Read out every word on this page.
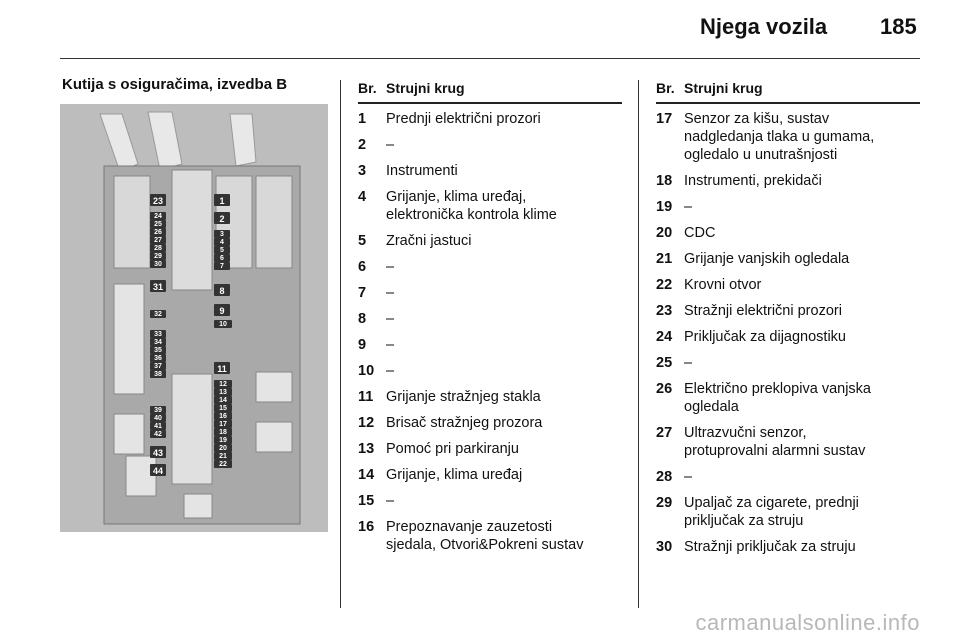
Njega vozila 185
Kutija s osiguračima, izvedba B
23
24
25
26
27
28
29
30
31
32
33
34
35
36
37
38
39
40
41
42
43
44
1
2
3
4
5
6
7
8
9
10
11
12
13
14
15
16
17
18
19
20
21
22
Br. Strujni krug
1 Prednji električni prozori
2 –
3 Instrumenti
4 Grijanje, klima uređaj,
elektronička kontrola klime
5 Zračni jastuci
6 –
7 –
8 –
9 –
10 –
11 Grijanje stražnjeg stakla
12 Brisač stražnjeg prozora
13 Pomoć pri parkiranju
14 Grijanje, klima uređaj
15 –
16 Prepoznavanje zauzetosti
sjedala, Otvori&Pokreni sustav
Br. Strujni krug
17 Senzor za kišu, sustav
nadgledanja tlaka u gumama,
ogledalo u unutrašnjosti
18 Instrumenti, prekidači
19 –
20 CDC
21 Grijanje vanjskih ogledala
22 Krovni otvor
23 Stražnji električni prozori
24 Priključak za dijagnostiku
25 –
26 Električno preklopiva vanjska
ogledala
27 Ultrazvučni senzor,
protuprovalni alarmni sustav
28 –
29 Upaljač za cigarete, prednji
priključak za struju
30 Stražnji priključak za struju
carmanualsonline.info
